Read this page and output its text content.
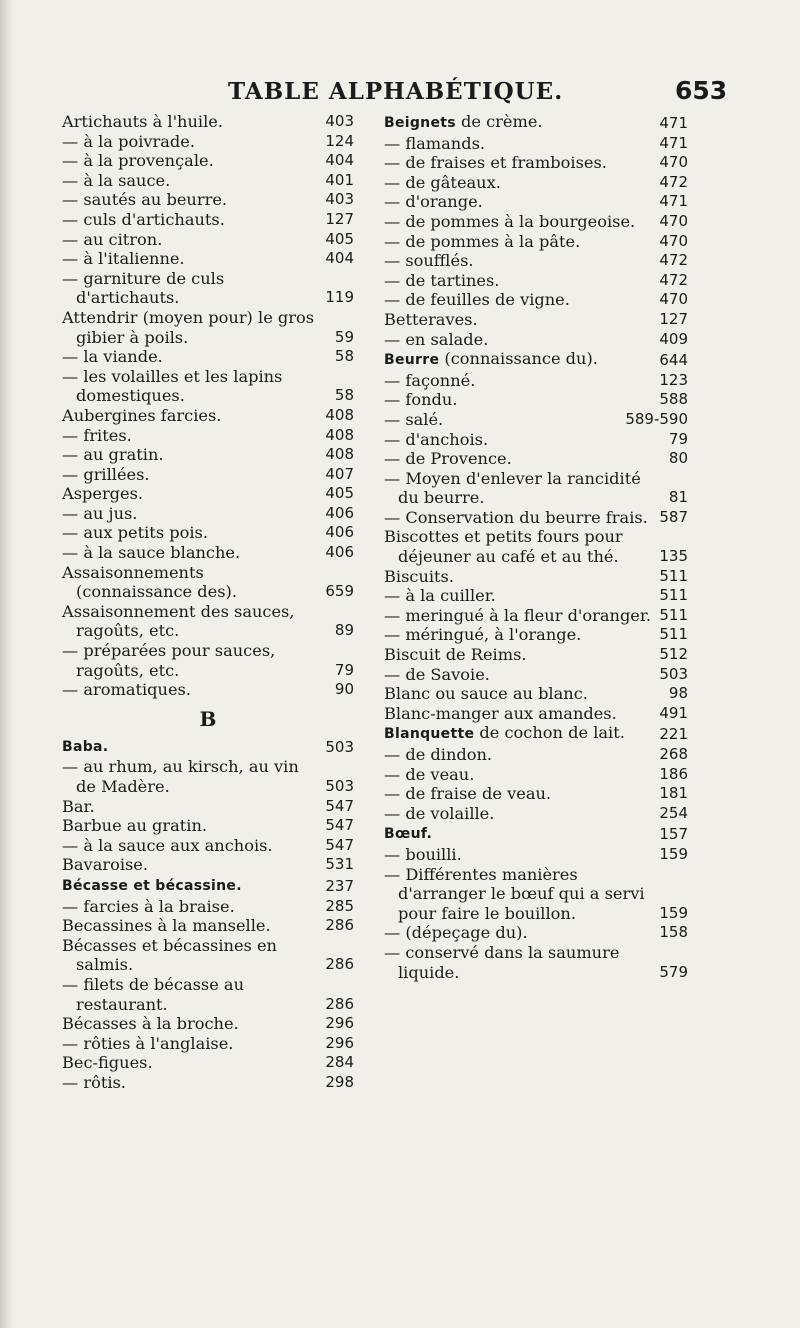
TABLE ALPHABÉTIQUE.	653
Artichauts à l'huile.	403
— à la poivrade.	124
— à la provençale.	404
— à la sauce.	401
— sautés au beurre.	403
— culs d'artichauts.	127
— au citron.	405
— à l'italienne.	404
— garniture de culs d'artichauts.	119
Attendrir (moyen pour) le gros gibier à poils.	59
— la viande.	58
— les volailles et les lapins domestiques.	58
Aubergines farcies.	408
— frites.	408
— au gratin.	408
— grillées.	407
Asperges.	405
— au jus.	406
— aux petits pois.	406
— à la sauce blanche.	406
Assaisonnements (connaissance des).	659
Assaisonnement des sauces, ragoûts, etc.	89
— préparées pour sauces, ragoûts, etc.	79
— aromatiques.	90
B
Baba.	503
— au rhum, au kirsch, au vin de Madère.	503
Bar.	547
Barbue au gratin.	547
— à la sauce aux anchois.	547
Bavaroise.	531
Bécasse et bécassine.	237
— farcies à la braise.	285
Becassines à la manselle.	286
Bécasses et bécassines en salmis.	286
— filets de bécasse au restaurant.	286
Bécasses à la broche.	296
— rôties à l'anglaise.	296
Bec-figues.	284
— rôtis.	298
Beignets de crème.	471
— flamands.	471
— de fraises et framboises.	470
— de gâteaux.	472
— d'orange.	471
— de pommes à la bourgeoise.	470
— de pommes à la pâte.	470
— soufflés.	472
— de tartines.	472
— de feuilles de vigne.	470
Betteraves.	127
— en salade.	409
Beurre (connaissance du).	644
— façonné.	123
— fondu.	588
— salé.	589-590
— d'anchois.	79
— de Provence.	80
— Moyen d'enlever la rancidité du beurre.	81
— Conservation du beurre frais. 587
Biscottes et petits fours pour déjeuner au café et au thé.	135
Biscuits.	511
— à la cuiller.	511
— meringué à la fleur d'oranger. 511
— méringué, à l'orange.	511
Biscuit de Reims.	512
— de Savoie.	503
Blanc ou sauce au blanc.	98
Blanc-manger aux amandes.	491
Blanquette de cochon de lait.	221
— de dindon.	268
— de veau.	186
— de fraise de veau.	181
— de volaille.	254
Bœuf.	157
— bouilli.	159
— Différentes manières d'arranger le bœuf qui a servi pour faire le bouillon.	159
— (dépeçage du).	158
— conservé dans la saumure liquide.	579
